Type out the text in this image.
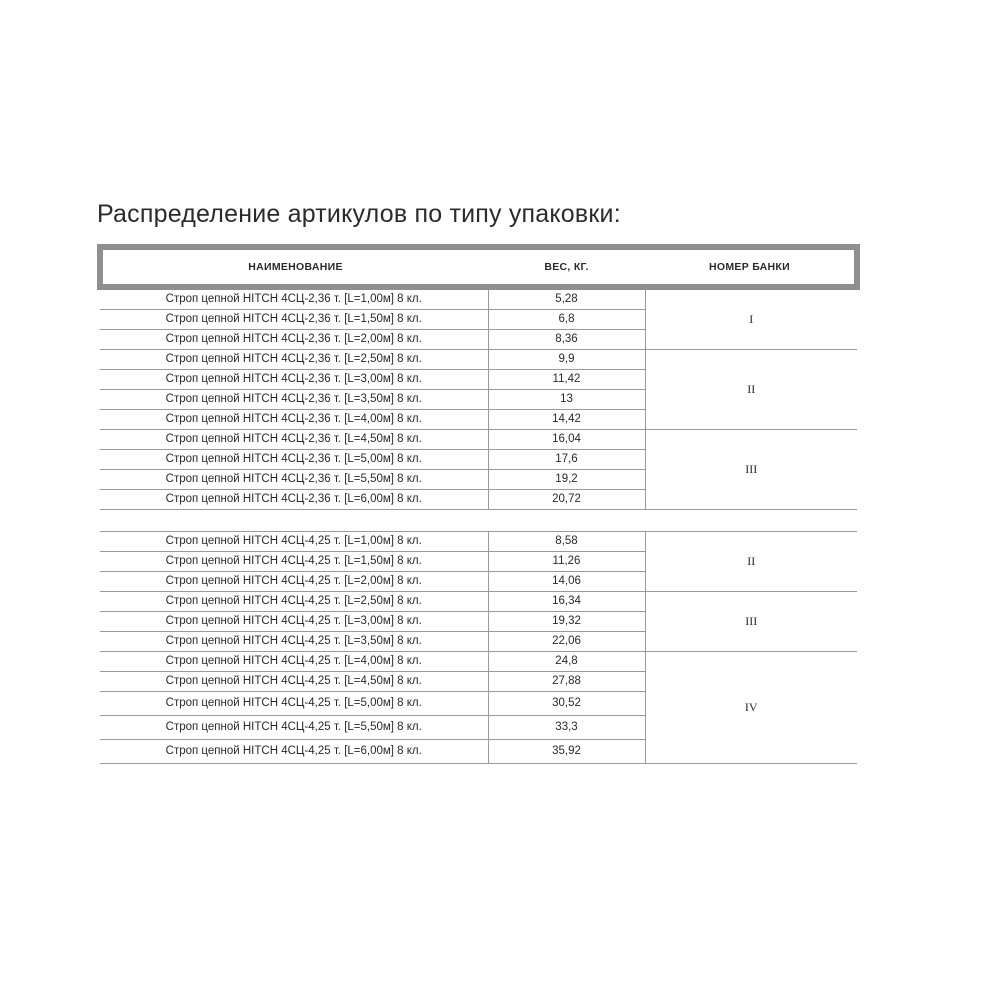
Распределение артикулов по типу упаковки:
НАИМЕНОВАНИЕ	ВЕС, КГ.	НОМЕР БАНКИ
Строп цепной HITCH 4СЦ-2,36 т. [L=1,00м] 8 кл.	5,28	I
Строп цепной HITCH 4СЦ-2,36 т. [L=1,50м] 8 кл.	6,8	
Строп цепной HITCH 4СЦ-2,36 т. [L=2,00м] 8 кл.	8,36	
Строп цепной HITCH 4СЦ-2,36 т. [L=2,50м] 8 кл.	9,9	II
Строп цепной HITCH 4СЦ-2,36 т. [L=3,00м] 8 кл.	11,42	
Строп цепной HITCH 4СЦ-2,36 т. [L=3,50м] 8 кл.	13	
Строп цепной HITCH 4СЦ-2,36 т. [L=4,00м] 8 кл.	14,42	
Строп цепной HITCH 4СЦ-2,36 т. [L=4,50м] 8 кл.	16,04	III
Строп цепной HITCH 4СЦ-2,36 т. [L=5,00м] 8 кл.	17,6	
Строп цепной HITCH 4СЦ-2,36 т. [L=5,50м] 8 кл.	19,2	
Строп цепной HITCH 4СЦ-2,36 т. [L=6,00м] 8 кл.	20,72	

Строп цепной HITCH 4СЦ-4,25 т. [L=1,00м] 8 кл.	8,58	II
Строп цепной HITCH 4СЦ-4,25 т. [L=1,50м] 8 кл.	11,26	
Строп цепной HITCH 4СЦ-4,25 т. [L=2,00м] 8 кл.	14,06	
Строп цепной HITCH 4СЦ-4,25 т. [L=2,50м] 8 кл.	16,34	III
Строп цепной HITCH 4СЦ-4,25 т. [L=3,00м] 8 кл.	19,32	
Строп цепной HITCH 4СЦ-4,25 т. [L=3,50м] 8 кл.	22,06	
Строп цепной HITCH 4СЦ-4,25 т. [L=4,00м] 8 кл.	24,8	IV
Строп цепной HITCH 4СЦ-4,25 т. [L=4,50м] 8 кл.	27,88	
Строп цепной HITCH 4СЦ-4,25 т. [L=5,00м] 8 кл.	30,52	
Строп цепной HITCH 4СЦ-4,25 т. [L=5,50м] 8 кл.	33,3	
Строп цепной HITCH 4СЦ-4,25 т. [L=6,00м] 8 кл.	35,92	
